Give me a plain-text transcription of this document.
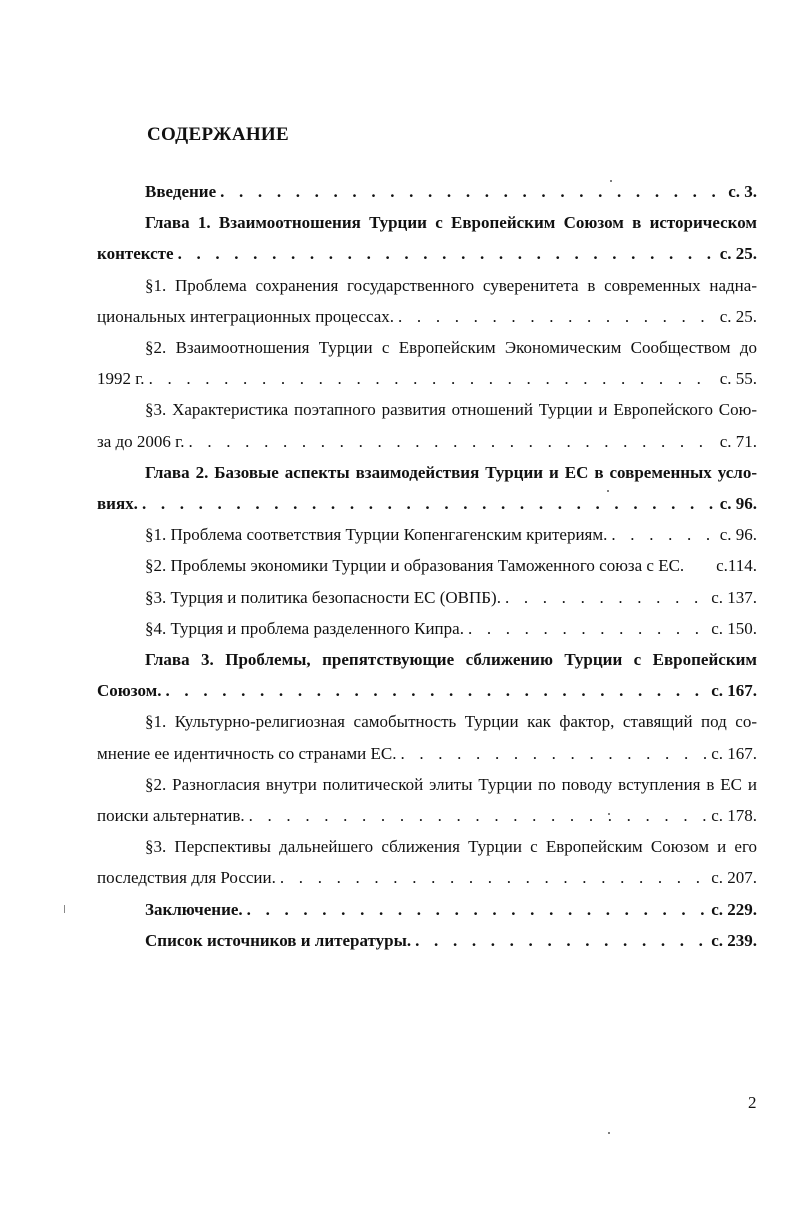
СОДЕРЖАНИЕ
Введение . . .	с. 3.
Глава 1. Взаимоотношения Турции с Европейским Союзом в историческом
контексте . . .	с. 25.
§1. Проблема сохранения государственного суверенитета в современных надна-
циональных интеграционных процессах. . . .	с. 25.
§2. Взаимоотношения Турции с Европейским Экономическим Сообществом до
1992 г. . . .	с. 55.
§3. Характеристика поэтапного развития отношений Турции и Европейского Сою-
за до 2006 г. . . .	с. 71.
Глава 2. Базовые аспекты взаимодействия Турции и ЕС в современных усло-
виях. . . .	с. 96.
§1. Проблема соответствия Турции Копенгагенским критериям. . . .	с. 96.
§2. Проблемы экономики Турции и образования Таможенного союза с ЕС. с.114.
§3. Турция и политика безопасности ЕС (ОВПБ). . . .	с. 137.
§4. Турция и проблема разделенного Кипра. . . .	с. 150.
Глава 3. Проблемы, препятствующие сближению Турции с Европейским
Союзом. . . .	с. 167.
§1. Культурно-религиозная самобытность Турции как фактор, ставящий под со-
мнение ее идентичность со странами ЕС. . . .	с. 167.
§2. Разногласия внутри политической элиты Турции по поводу вступления в ЕС и
поиски альтернатив. . . .	с. 178.
§3. Перспективы дальнейшего сближения Турции с Европейским Союзом и его
последствия для России. . . .	с. 207.
Заключение. . . .	с. 229.
Список источников и литературы. . . .	с. 239.
2
